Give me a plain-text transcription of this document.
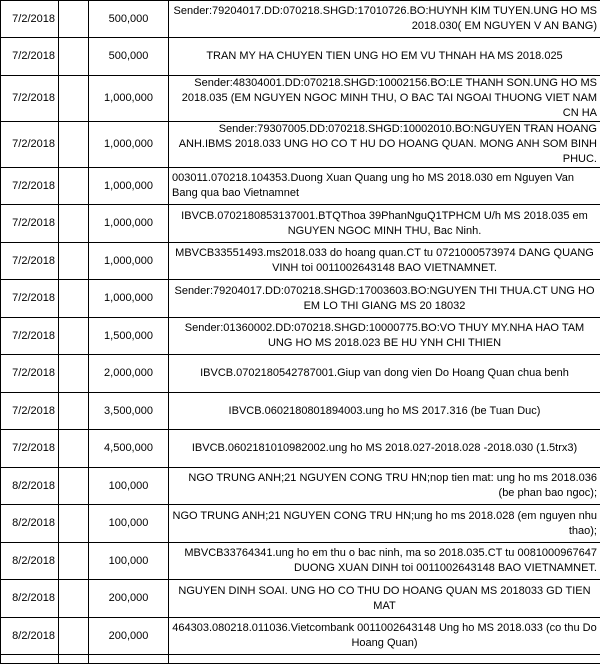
7/2/2018		500,000	Sender:79204017.DD:070218.SHGD:17010726.BO:HUYNH KIM TUYEN.UNG HO MS 2018.030( EM NGUYEN V AN BANG)
7/2/2018		500,000	TRAN MY HA CHUYEN TIEN UNG HO EM VU THNAH HA MS 2018.025
7/2/2018		1,000,000	Sender:48304001.DD:070218.SHGD:10002156.BO:LE THANH SON.UNG HO MS 2018.035 (EM NGUYEN NGOC MINH THU, O BAC TAI NGOAI THUONG VIET NAM CN HA
7/2/2018		1,000,000	Sender:79307005.DD:070218.SHGD:10002010.BO:NGUYEN TRAN HOANG ANH.IBMS 2018.033 UNG HO CO T HU DO HOANG QUAN. MONG ANH SOM BINH PHUC.
7/2/2018		1,000,000	003011.070218.104353.Duong Xuan Quang ung ho MS 2018.030 em Nguyen Van Bang qua bao Vietnamnet
7/2/2018		1,000,000	IBVCB.0702180853137001.BTQThoa 39PhanNguQ1TPHCM U/h MS 2018.035 em NGUYEN NGOC MINH THU, Bac Ninh.
7/2/2018		1,000,000	MBVCB33551493.ms2018.033 do hoang quan.CT tu 0721000573974 DANG QUANG VINH toi 0011002643148 BAO VIETNAMNET.
7/2/2018		1,000,000	Sender:79204017.DD:070218.SHGD:17003603.BO:NGUYEN THI THUA.CT UNG HO EM LO THI GIANG MS 20 18032
7/2/2018		1,500,000	Sender:01360002.DD:070218.SHGD:10000775.BO:VO THUY MY.NHA HAO TAM UNG HO MS 2018.023 BE HU YNH CHI THIEN
7/2/2018		2,000,000	IBVCB.0702180542787001.Giup van dong vien Do Hoang Quan chua benh
7/2/2018		3,500,000	IBVCB.0602180801894003.ung ho MS 2017.316 (be Tuan Duc)
7/2/2018		4,500,000	IBVCB.0602181010982002.ung ho MS 2018.027-2018.028 -2018.030 (1.5trx3)
8/2/2018		100,000	NGO TRUNG ANH;21 NGUYEN CONG TRU HN;nop tien mat: ung ho ms 2018.036 (be phan bao ngoc);
8/2/2018		100,000	NGO TRUNG ANH;21 NGUYEN CONG TRU HN;ung ho ms 2018.028 (em nguyen nhu thao);
8/2/2018		100,000	MBVCB33764341.ung ho em thu o bac ninh, ma so 2018.035.CT tu 0081000967647 DUONG XUAN DINH toi 0011002643148 BAO VIETNAMNET.
8/2/2018		200,000	NGUYEN DINH SOAI. UNG HO CO THU DO HOANG QUAN MS 2018033 GD TIEN MAT
8/2/2018		200,000	464303.080218.011036.Vietcombank 0011002643148 Ung ho MS 2018.033 (co thu Do Hoang Quan)
